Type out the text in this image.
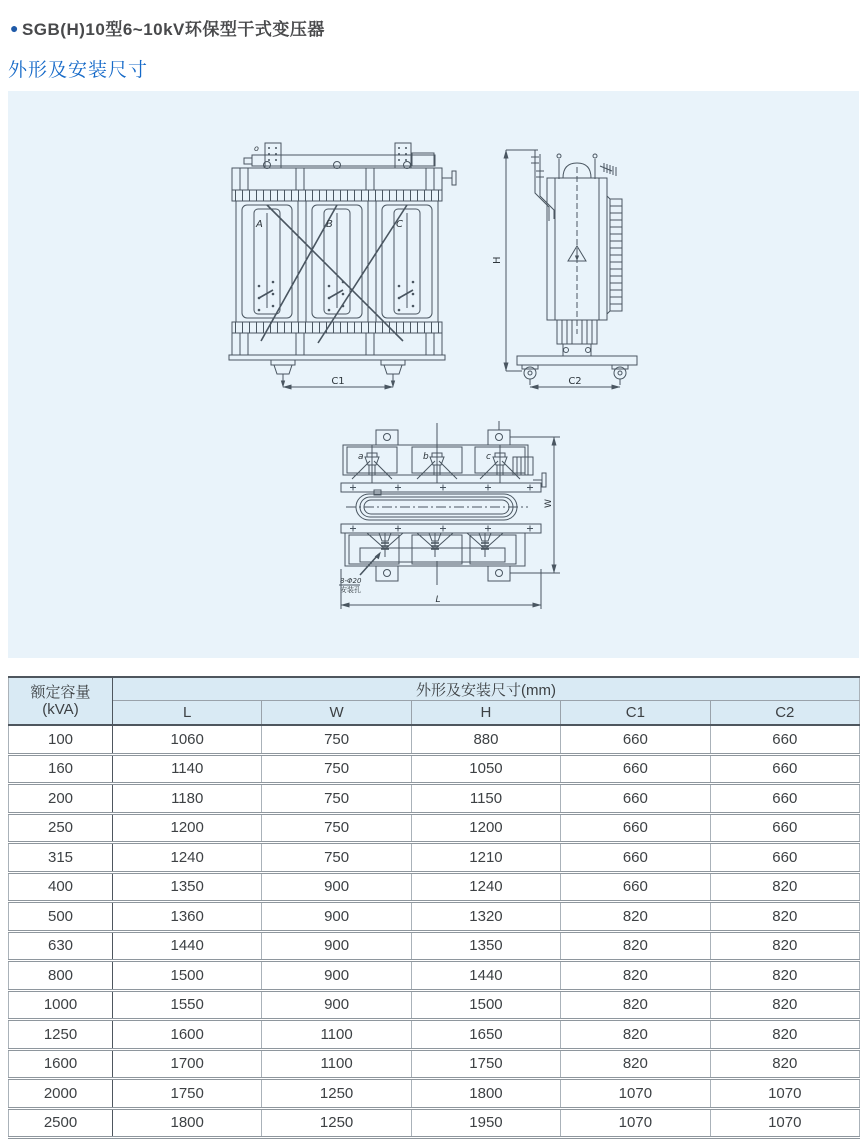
● SGB(H)10型6~10kV环保型干式变压器
外形及安装尺寸
C1
o
A	B	C
H
C2
a	b	c
8-Φ20
安装孔
W
L
额定容量
(kVA)	外形及安装尺寸(mm)				
	L	W	H	C1	C2
100	1060	750	880	660	660
160	1140	750	1050	660	660
200	1180	750	1150	660	660
250	1200	750	1200	660	660
315	1240	750	1210	660	660
400	1350	900	1240	660	820
500	1360	900	1320	820	820
630	1440	900	1350	820	820
800	1500	900	1440	820	820
1000	1550	900	1500	820	820
1250	1600	1100	1650	820	820
1600	1700	1100	1750	820	820
2000	1750	1250	1800	1070	1070
2500	1800	1250	1950	1070	1070
